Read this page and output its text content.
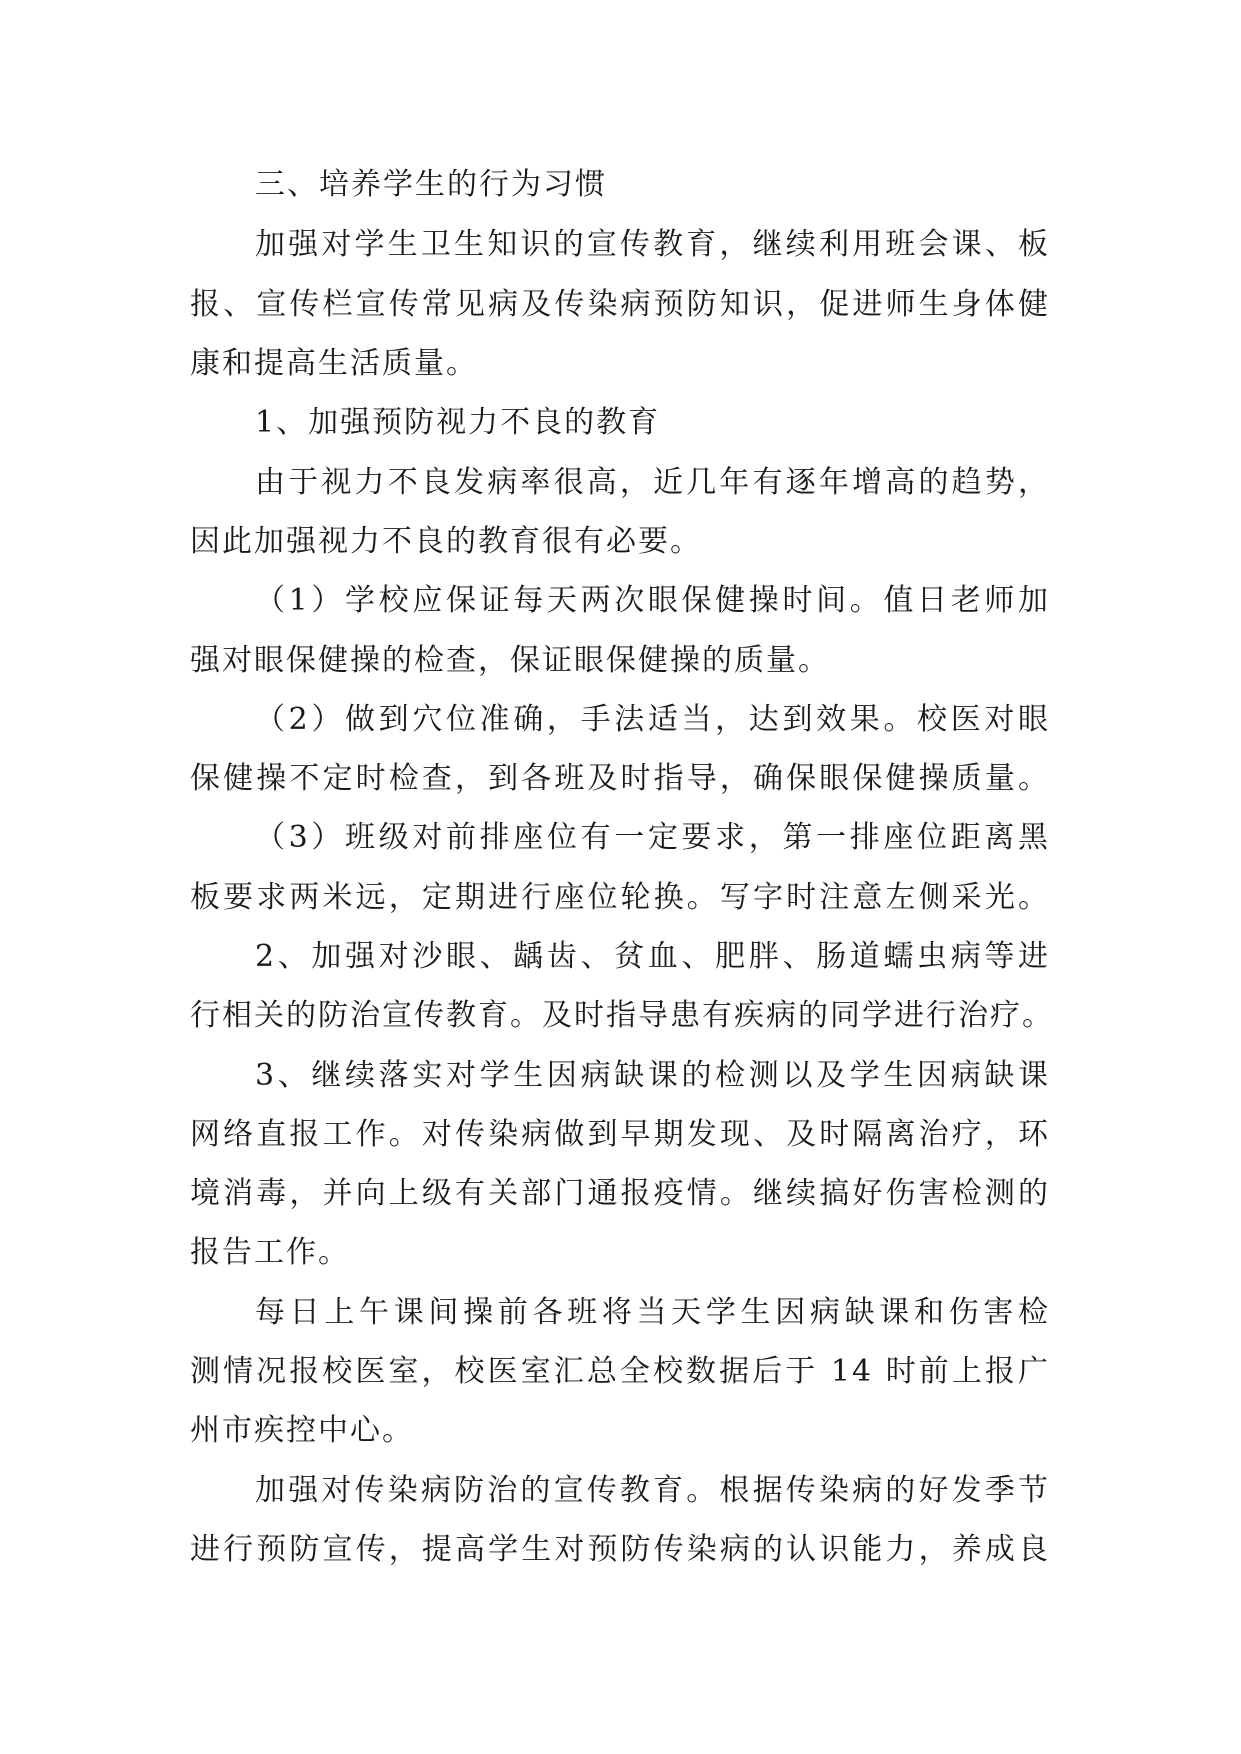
三、培养学生的行为习惯
加强对学生卫生知识的宣传教育，继续利用班会课、板
报、宣传栏宣传常见病及传染病预防知识，促进师生身体健
康和提高生活质量。
1、加强预防视力不良的教育
由于视力不良发病率很高，近几年有逐年增高的趋势，
因此加强视力不良的教育很有必要。
（1）学校应保证每天两次眼保健操时间。值日老师加
强对眼保健操的检查，保证眼保健操的质量。
（2）做到穴位准确，手法适当，达到效果。校医对眼
保健操不定时检查，到各班及时指导，确保眼保健操质量。
（3）班级对前排座位有一定要求，第一排座位距离黑
板要求两米远，定期进行座位轮换。写字时注意左侧采光。
2、加强对沙眼、龋齿、贫血、肥胖、肠道蠕虫病等进
行相关的防治宣传教育。及时指导患有疾病的同学进行治疗。
3、继续落实对学生因病缺课的检测以及学生因病缺课
网络直报工作。对传染病做到早期发现、及时隔离治疗，环
境消毒，并向上级有关部门通报疫情。继续搞好伤害检测的
报告工作。
每日上午课间操前各班将当天学生因病缺课和伤害检
测情况报校医室，校医室汇总全校数据后于 14 时前上报广
州市疾控中心。
加强对传染病防治的宣传教育。根据传染病的好发季节
进行预防宣传，提高学生对预防传染病的认识能力，养成良
